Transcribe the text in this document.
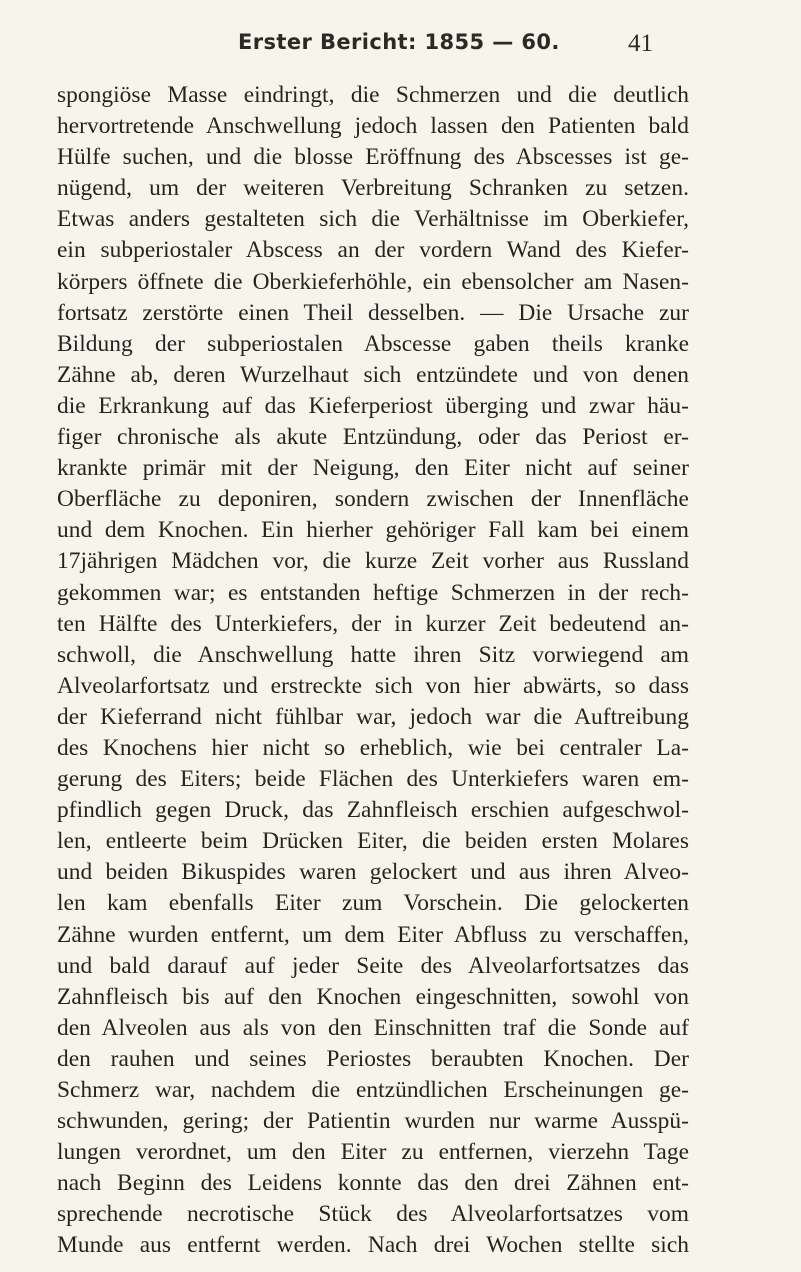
Erster Bericht: 1855 — 60.	41
spongiöse Masse eindringt, die Schmerzen und die deutlich
hervortretende Anschwellung jedoch lassen den Patienten bald
Hülfe suchen, und die blosse Eröffnung des Abscesses ist ge-
nügend, um der weiteren Verbreitung Schranken zu setzen.
Etwas anders gestalteten sich die Verhältnisse im Oberkiefer,
ein subperiostaler Abscess an der vordern Wand des Kiefer-
körpers öffnete die Oberkieferhöhle, ein ebensolcher am Nasen-
fortsatz zerstörte einen Theil desselben. — Die Ursache zur
Bildung der subperiostalen Abscesse gaben theils kranke
Zähne ab, deren Wurzelhaut sich entzündete und von denen
die Erkrankung auf das Kieferperiost überging und zwar häu-
figer chronische als akute Entzündung, oder das Periost er-
krankte primär mit der Neigung, den Eiter nicht auf seiner
Oberfläche zu deponiren, sondern zwischen der Innenfläche
und dem Knochen. Ein hierher gehöriger Fall kam bei einem
17jährigen Mädchen vor, die kurze Zeit vorher aus Russland
gekommen war; es entstanden heftige Schmerzen in der rech-
ten Hälfte des Unterkiefers, der in kurzer Zeit bedeutend an-
schwoll, die Anschwellung hatte ihren Sitz vorwiegend am
Alveolarfortsatz und erstreckte sich von hier abwärts, so dass
der Kieferrand nicht fühlbar war, jedoch war die Auftreibung
des Knochens hier nicht so erheblich, wie bei centraler La-
gerung des Eiters; beide Flächen des Unterkiefers waren em-
pfindlich gegen Druck, das Zahnfleisch erschien aufgeschwol-
len, entleerte beim Drücken Eiter, die beiden ersten Molares
und beiden Bikuspides waren gelockert und aus ihren Alveo-
len kam ebenfalls Eiter zum Vorschein. Die gelockerten
Zähne wurden entfernt, um dem Eiter Abfluss zu verschaffen,
und bald darauf auf jeder Seite des Alveolarfortsatzes das
Zahnfleisch bis auf den Knochen eingeschnitten, sowohl von
den Alveolen aus als von den Einschnitten traf die Sonde auf
den rauhen und seines Periostes beraubten Knochen. Der
Schmerz war, nachdem die entzündlichen Erscheinungen ge-
schwunden, gering; der Patientin wurden nur warme Ausspü-
lungen verordnet, um den Eiter zu entfernen, vierzehn Tage
nach Beginn des Leidens konnte das den drei Zähnen ent-
sprechende necrotische Stück des Alveolarfortsatzes vom
Munde aus entfernt werden. Nach drei Wochen stellte sich
